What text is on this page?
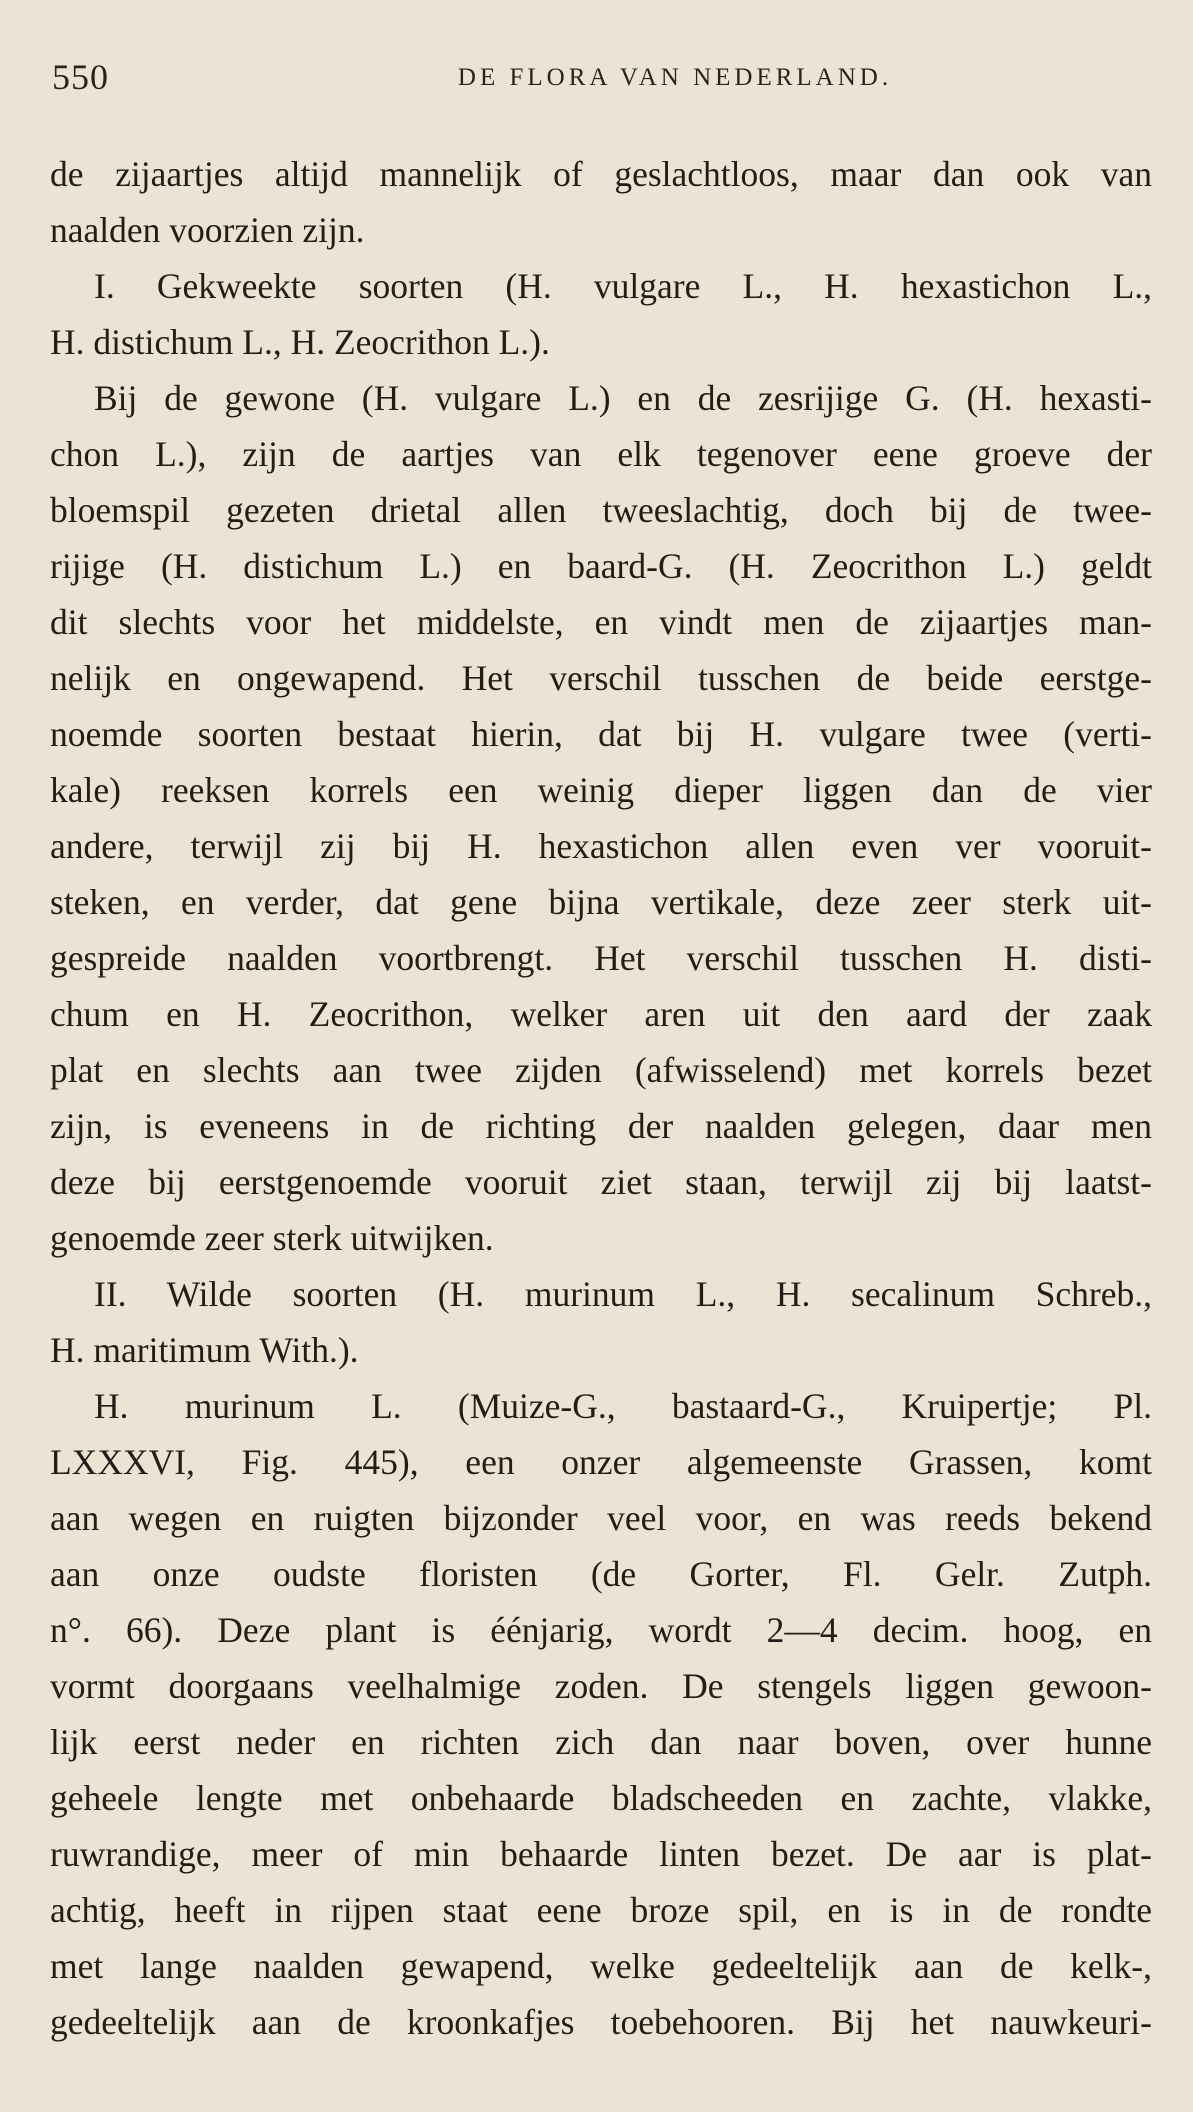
550	DE FLORA VAN NEDERLAND.
de zijaartjes altijd mannelijk of geslachtloos, maar dan ook van
naalden voorzien zijn.
I. Gekweekte soorten (H. vulgare L., H. hexastichon L.,
H. distichum L., H. Zeocrithon L.).
Bij de gewone (H. vulgare L.) en de zesrijige G. (H. hexasti-
chon L.), zijn de aartjes van elk tegenover eene groeve der
bloemspil gezeten drietal allen tweeslachtig, doch bij de twee-
rijige (H. distichum L.) en baard-G. (H. Zeocrithon L.) geldt
dit slechts voor het middelste, en vindt men de zijaartjes man-
nelijk en ongewapend. Het verschil tusschen de beide eerstge-
noemde soorten bestaat hierin, dat bij H. vulgare twee (verti-
kale) reeksen korrels een weinig dieper liggen dan de vier
andere, terwijl zij bij H. hexastichon allen even ver vooruit-
steken, en verder, dat gene bijna vertikale, deze zeer sterk uit-
gespreide naalden voortbrengt. Het verschil tusschen H. disti-
chum en H. Zeocrithon, welker aren uit den aard der zaak
plat en slechts aan twee zijden (afwisselend) met korrels bezet
zijn, is eveneens in de richting der naalden gelegen, daar men
deze bij eerstgenoemde vooruit ziet staan, terwijl zij bij laatst-
genoemde zeer sterk uitwijken.
II. Wilde soorten (H. murinum L., H. secalinum Schreb.,
H. maritimum With.).
H. murinum L. (Muize-G., bastaard-G., Kruipertje; Pl.
LXXXVI, Fig. 445), een onzer algemeenste Grassen, komt
aan wegen en ruigten bijzonder veel voor, en was reeds bekend
aan onze oudste floristen (de Gorter, Fl. Gelr. Zutph.
n°. 66). Deze plant is éénjarig, wordt 2—4 decim. hoog, en
vormt doorgaans veelhalmige zoden. De stengels liggen gewoon-
lijk eerst neder en richten zich dan naar boven, over hunne
geheele lengte met onbehaarde bladscheeden en zachte, vlakke,
ruwrandige, meer of min behaarde linten bezet. De aar is plat-
achtig, heeft in rijpen staat eene broze spil, en is in de rondte
met lange naalden gewapend, welke gedeeltelijk aan de kelk-,
gedeeltelijk aan de kroonkafjes toebehooren. Bij het nauwkeuri-
